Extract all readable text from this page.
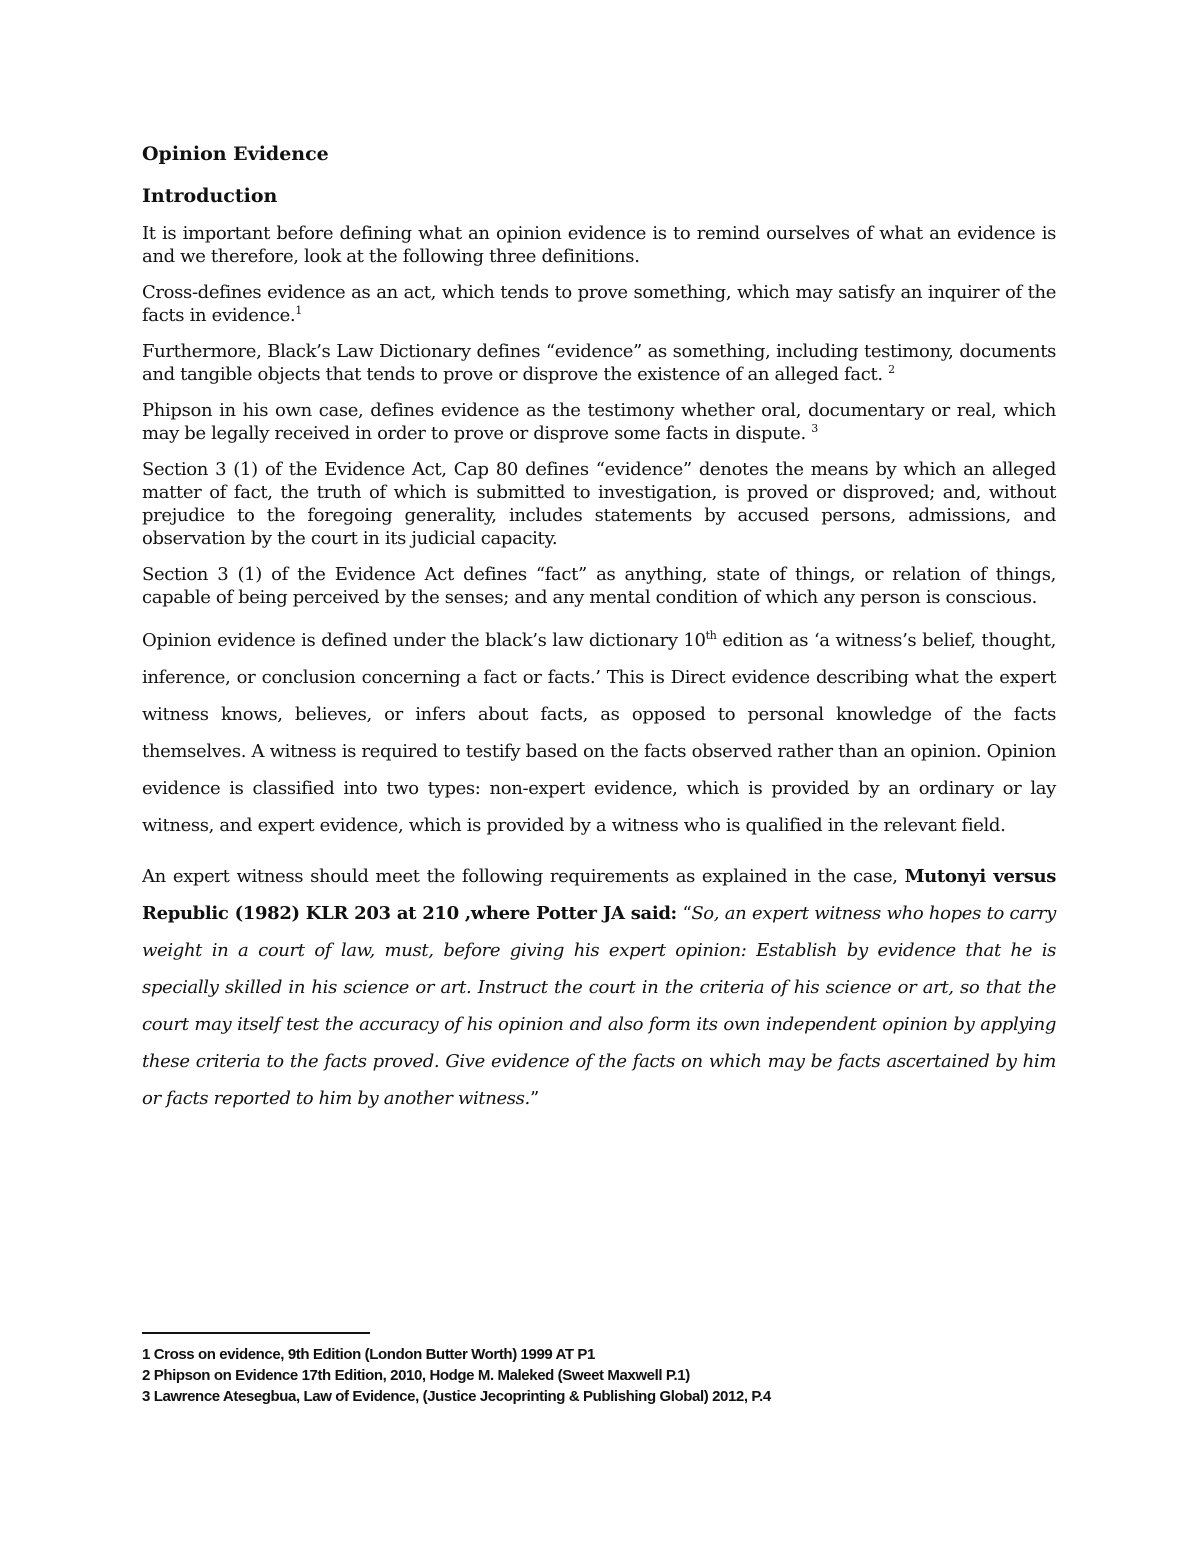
Opinion Evidence
Introduction

It is important before defining what an opinion evidence is to remind ourselves of what an evidence is and we therefore, look at the following three definitions.

Cross-defines evidence as an act, which tends to prove something, which may satisfy an inquirer of the facts in evidence.$^1$

Furthermore, Black’s Law Dictionary defines “evidence” as something, including testimony, documents and tangible objects that tends to prove or disprove the existence of an alleged fact. $^2$

Phipson in his own case, defines evidence as the testimony whether oral, documentary or real, which may be legally received in order to prove or disprove some facts in dispute. $^3$

Section 3 (1) of the Evidence Act, Cap 80 defines “evidence” denotes the means by which an alleged matter of fact, the truth of which is submitted to investigation, is proved or disproved; and, without prejudice to the foregoing generality, includes statements by accused persons, admissions, and observation by the court in its judicial capacity.

Section 3 (1) of the Evidence Act defines “fact” as anything, state of things, or relation of things, capable of being perceived by the senses; and any mental condition of which any person is conscious.

Opinion evidence is defined under the black’s law dictionary 10th edition as ‘a witness’s belief, thought, inference, or conclusion concerning a fact or facts.’ This is Direct evidence describing what the expert witness knows, believes, or infers about facts, as opposed to personal knowledge of the facts themselves. A witness is required to testify based on the facts observed rather than an opinion. Opinion evidence is classified into two types: non-expert evidence, which is provided by an ordinary or lay witness, and expert evidence, which is provided by a witness who is qualified in the relevant field.

An expert witness should meet the following requirements as explained in the case, Mutonyi versus Republic (1982) KLR 203 at 210 ,where Potter JA said: “So, an expert witness who hopes to carry weight in a court of law, must, before giving his expert opinion: Establish by evidence that he is specially skilled in his science or art. Instruct the court in the criteria of his science or art, so that the court may itself test the accuracy of his opinion and also form its own independent opinion by applying these criteria to the facts proved. Give evidence of the facts on which may be facts ascertained by him or facts reported to him by another witness.”

1 Cross on evidence, 9th Edition (London Butter Worth) 1999 AT P1

2 Phipson on Evidence 17th Edition, 2010, Hodge M. Maleked (Sweet Maxwell P.1)

3 Lawrence Atesegbua, Law of Evidence, (Justice Jecoprinting & Publishing Global) 2012, P.4
